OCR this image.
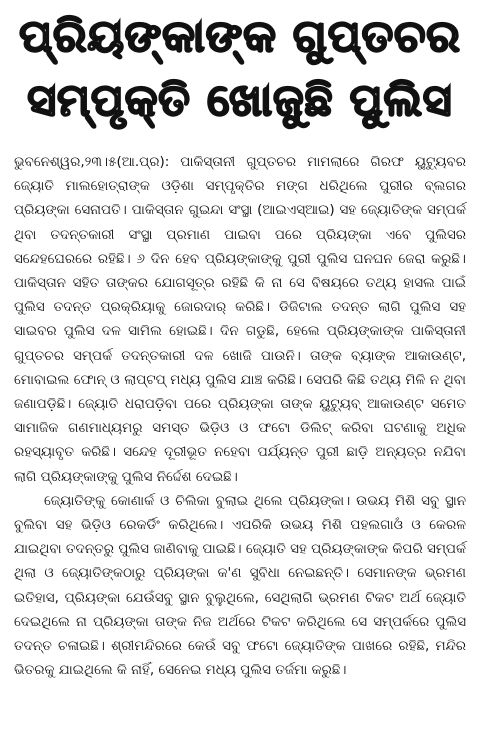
ପ୍ରିୟଙ୍କାଙ୍କ ଗୁପ୍ତଚର
ସମ୍ପୃକ୍ତି ଖୋଜୁଛି ପୁଲିସ

ଭୁବନେଶ୍ୱର,୨୩।୫(ଆ.ପ୍ର): ପାକିସ୍ତାନୀ ଗୁପ୍ତଚର ମାମଲାରେ ଗିରଫ ୟୁଟ୍ୟୁବର ଜ୍ୟୋତି ମାଲହୋତ୍ରାଙ୍କ ଓଡ଼ିଶା ସମ୍ପୃକ୍ତିର ମଙ୍ଗ ଧରିଥିଲେ ପୁରୀର ବ୍ଲଗର ପ୍ରିୟଙ୍କା ସେନାପତି। ପାକିସ୍ତାନ ଗୁଇନ୍ଦା ସଂସ୍ଥା (ଆଇଏସ୍ଆଇ) ସହ ଜ୍ୟୋତିଙ୍କ ସମ୍ପର୍କ ଥିବା ତଦନ୍ତକାରୀ ସଂସ୍ଥା ପ୍ରମାଣ ପାଇବା ପରେ ପ୍ରିୟଙ୍କା ଏବେ ପୁଲିସର ସନ୍ଦେହଘେରରେ ରହିଛି। ୬ ଦିନ ହେବ ପ୍ରିୟଙ୍କାଙ୍କୁ ପୁରୀ ପୁଲିସ ଘନଘନ ଜେରା କରୁଛି। ପାକିସ୍ତାନ ସହିତ ତାଙ୍କର ଯୋଗସୂତ୍ର ରହିଛି କି ନା ସେ ବିଷୟରେ ତଥ୍ୟ ହାସଲ ପାଇଁ ପୁଲିସ ତଦନ୍ତ ପ୍ରକ୍ରିୟାକୁ ଜୋରଦାର୍ କରିଛି। ଡିଜିଟାଲ ତଦନ୍ତ ଲାଗି ପୁଲିସ ସହ ସାଇବର ପୁଲିସ ଦଳ ସାମିଲ ହୋଇଛି। ଦିନ ଗଡୁଛି, ହେଲେ ପ୍ରିୟଙ୍କାଙ୍କ ପାକିସ୍ତାନୀ ଗୁପ୍ତଚର ସମ୍ପର୍କ ତଦନ୍ତକାରୀ ଦଳ ଖୋଜି ପାଉନି। ତାଙ୍କ ବ୍ୟାଙ୍କ ଆକାଉଣ୍ଟ, ମୋବାଇଲ ଫୋନ୍ ଓ ଲାପ୍‌ଟପ୍ ମଧ୍ୟ ପୁଲିସ ଯାଞ୍ଚ କରିଛି। ସେପରି କିଛି ତଥ୍ୟ ମିଳି ନ ଥିବା ଜଣାପଡ଼ିଛି। ଜ୍ୟୋତି ଧରାପଡ଼ିବା ପରେ ପ୍ରିୟଙ୍କା ତାଙ୍କ ୟୁଟ୍ୟୁବ୍ ଆକାଉଣ୍ଟ ସମେତ ସାମାଜିକ ଗଣମାଧ୍ୟମରୁ ସମସ୍ତ ଭିଡ଼ିଓ ଓ ଫଟୋ ଡିଲିଟ୍ କରିବା ଘଟଣାକୁ ଅଧିକ ରହସ୍ୟାବୃତ କରିଛି। ସନ୍ଦେହ ଦୂରୀଭୂତ ନହେବା ପର୍ଯ୍ୟନ୍ତ ପୁରୀ ଛାଡ଼ି ଅନ୍ୟତ୍ର ନଯିବା ଲାଗି ପ୍ରିୟଙ୍କାଙ୍କୁ ପୁଲିସ ନିର୍ଦ୍ଦେଶ ଦେଇଛି।

ଜ୍ୟୋତିଙ୍କୁ କୋଣାର୍କ ଓ ଚିଲିକା ବୁଲାଇ ଥିଲେ ପ୍ରିୟଙ୍କା। ଉଭୟ ମିଶି ସବୁ ସ୍ଥାନ ବୁଲିବା ସହ ଭିଡ଼ିଓ ରେକର୍ଡିଂ କରିଥିଲେ। ଏପରିକି ଉଭୟ ମିଶି ପହଲଗାଓଁ ଓ କେରଳ ଯାଇଥିବା ତଦନ୍ତରୁ ପୁଲିସ ଜାଣିବାକୁ ପାଇଛି। ଜ୍ୟୋତି ସହ ପ୍ରିୟଙ୍କାଙ୍କ କିପରି ସମ୍ପର୍କ ଥିଲା ଓ ଜ୍ୟୋତିଙ୍କଠାରୁ ପ୍ରିୟଙ୍କା କ'ଣ ସୁବିଧା ନେଇଛନ୍ତି। ସେମାନଙ୍କ ଭ୍ରମଣ ଇତିହାସ, ପ୍ରିୟଙ୍କା ଯେଉଁସବୁ ସ୍ଥାନ ବୁଲୁଥିଲେ, ସେଥିଲାଗି ଭ୍ରମଣ ଟିକଟ ଅର୍ଥ ଜ୍ୟୋତି ଦେଇଥିଲେ ନା ପ୍ରିୟଙ୍କା ତାଙ୍କ ନିଜ ଅର୍ଥରେ ଟିକଟ କରିଥିଲେ ସେ ସମ୍ପର୍କରେ ପୁଲିସ ତଦନ୍ତ ଚଳାଇଛି। ଶ୍ରୀମନ୍ଦିରରେ କେଉଁ ସବୁ ଫଟୋ ଜ୍ୟୋତିଙ୍କ ପାଖରେ ରହିଛି, ମନ୍ଦିର ଭିତରକୁ ଯାଇଥିଲେ କି ନାହିଁ, ସେନେଇ ମଧ୍ୟ ପୁଲିସ ତର୍ଜମା କରୁଛି।
